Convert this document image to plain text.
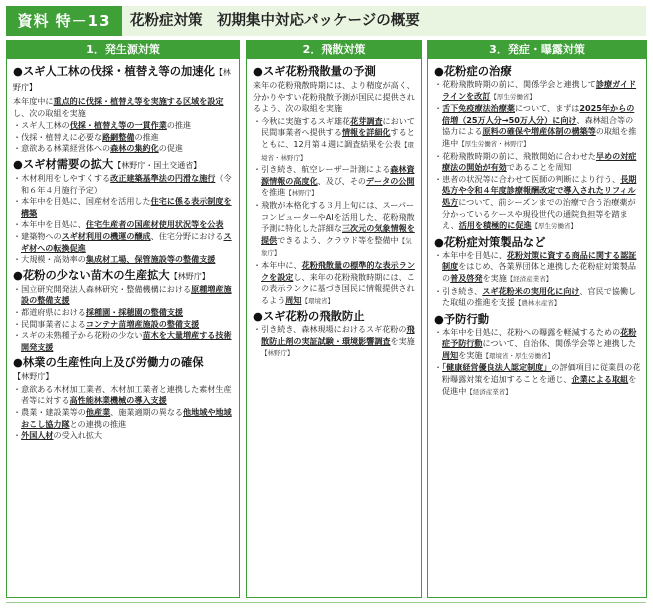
資料 特－13	花粉症対策　初期集中対応パッケージの概要
1．発生源対策
●スギ人工林の伐採・植替え等の加速化【林野庁】
本年度中に重点的に伐採・植替え等を実施する区域を設定し、次の取組を実施
・ スギ人工林の伐採・植替え等の一貫作業の推進
・ 伐採・植替えに必要な路網整備の推進
・ 意欲ある林業経営体への森林の集約化の促進
●スギ材需要の拡大【林野庁・国土交通省】
・ 木材利用をしやすくする改正建築基準法の円滑な施行（令和６年４月施行予定）
・ 本年中を目処に、国産材を活用した住宅に係る表示制度を構築
・ 本年中を目処に、住宅生産者の国産材使用状況等を公表
・ 建築物へのスギ材利用の機運の醸成、住宅分野におけるスギ材への転換促進
・ 大規模・高効率の集成材工場、保管施設等の整備支援
●花粉の少ない苗木の生産拡大【林野庁】
・ 国立研究開発法人森林研究・整備機構における原種増産施設の整備支援
・ 都道府県における採種園・採穂園の整備支援
・ 民間事業者によるコンテナ苗増産施設の整備支援
・ スギの未熟種子から花粉の少ない苗木を大量増産する技術開発支援
●林業の生産性向上及び労働力の確保
【林野庁】
・ 意欲ある木材加工業者、木材加工業者と連携した素材生産者等に対する高性能林業機械の導入支援
・ 農業・建設業等の他産業、施業適期の異なる他地域や地域おこし協力隊との連携の推進
・ 外国人材の受入れ拡大
2．飛散対策
●スギ花粉飛散量の予測
来年の花粉飛散時期には、より精度が高く、分かりやすい花粉飛散予測が国民に提供されるよう、次の取組を実施
・ 今秋に実施するスギ雄花花芽調査において民間事業者へ提供する情報を詳細化するとともに、12月第４週に調査結果を公表【環境省・林野庁】
・ 引き続き、航空レーザー計測による森林資源情報の高度化、及び、そのデータの公開を推進【林野庁】
・ 飛散が本格化する３月上旬には、スーパーコンピューターやAIを活用した、花粉飛散予測に特化した詳細な三次元の気象情報を提供できるよう、クラウド等を整備中【気象庁】
・ 本年中に、花粉飛散量の標準的な表示ランクを設定し、来年の花粉飛散時期には、この表示ランクに基づき国民に情報提供されるよう周知【環境省】
●スギ花粉の飛散防止
・ 引き続き、森林現場におけるスギ花粉の飛散防止剤の実証試験・環境影響調査を実施【林野庁】
3．発症・曝露対策
●花粉症の治療
・ 花粉飛散時期の前に、関係学会と連携して診療ガイドラインを改訂【厚生労働省】
・ 舌下免疫療法治療薬について、まずは2025年からの倍増（25万人分→50万人分）に向け、森林組合等の協力による原料の確保や増産体制の構築等の取組を推進中【厚生労働省・林野庁】
・ 花粉飛散時期の前に、飛散開始に合わせた早めの対症療法の開始が有効であることを周知
・ 患者の状況等に合わせて医師の判断により行う、長期処方や令和４年度診療報酬改定で導入されたリフィル処方について、前シーズンまでの治療で合う治療薬が分かっているケースや現役世代の通院負担等を踏まえ、活用を積極的に促進【厚生労働省】
●花粉症対策製品など
・ 本年中を目処に、花粉対策に資する商品に関する認証制度をはじめ、各業界団体と連携した花粉症対策製品の普及啓発を実施【経済産業省】
・ 引き続き、スギ花粉米の実用化に向け、官民で協働した取組の推進を支援【農林水産省】
●予防行動
・ 本年中を目処に、花粉への曝露を軽減するための花粉症予防行動について、自治体、関係学会等と連携した周知を実施【環境省・厚生労働省】
・ 「健康経営優良法人認定制度」の評価項目に従業員の花粉曝露対策を追加することを通じ、企業による取組を促進中【経済産業省】
